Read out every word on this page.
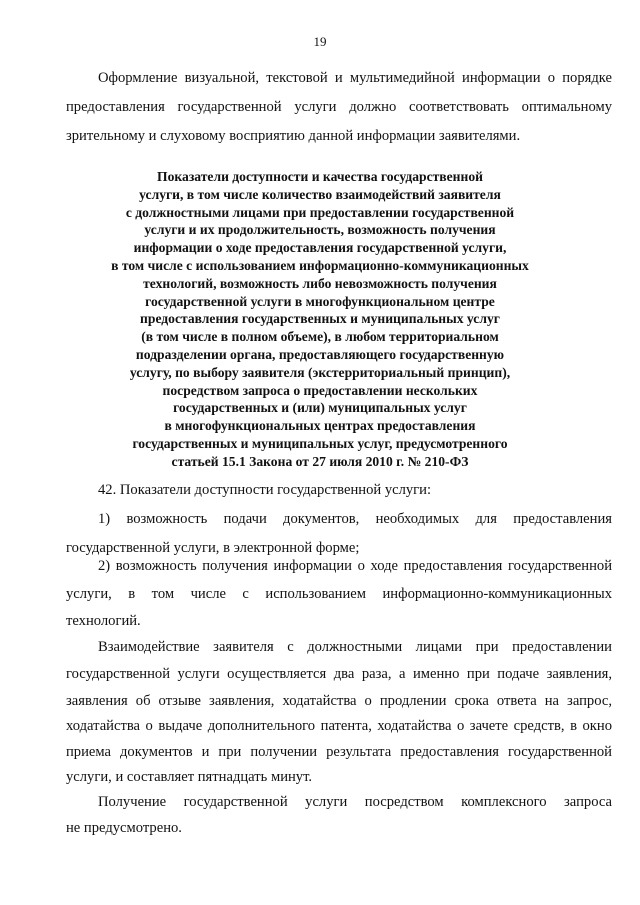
19
Оформление визуальной, текстовой и мультимедийной информации о порядке
предоставления государственной услуги должно соответствовать оптимальному
зрительному и слуховому восприятию данной информации заявителями.
Показатели доступности и качества государственной
услуги, в том числе количество взаимодействий заявителя
с должностными лицами при предоставлении государственной
услуги и их продолжительность, возможность получения
информации о ходе предоставления государственной услуги,
в том числе с использованием информационно-коммуникационных
технологий, возможность либо невозможность получения
государственной услуги в многофункциональном центре
предоставления государственных и муниципальных услуг
(в том числе в полном объеме), в любом территориальном
подразделении органа, предоставляющего государственную
услугу, по выбору заявителя (экстерриториальный принцип),
посредством запроса о предоставлении нескольких
государственных и (или) муниципальных услуг
в многофункциональных центрах предоставления
государственных и муниципальных услуг, предусмотренного
статьей 15.1 Закона от 27 июля 2010 г. № 210-ФЗ
42. Показатели доступности государственной услуги:
1) возможность подачи документов, необходимых для предоставления
государственной услуги, в электронной форме;
2) возможность получения информации о ходе предоставления государственной
услуги, в том числе с использованием информационно-коммуникационных
технологий.
Взаимодействие заявителя с должностными лицами при предоставлении
государственной услуги осуществляется два раза, а именно при подаче заявления,
заявления об отзыве заявления, ходатайства о продлении срока ответа на запрос,
ходатайства о выдаче дополнительного патента, ходатайства о зачете средств, в окно
приема документов и при получении результата предоставления государственной
услуги, и составляет пятнадцать минут.
Получение государственной услуги посредством комплексного запроса
не предусмотрено.
